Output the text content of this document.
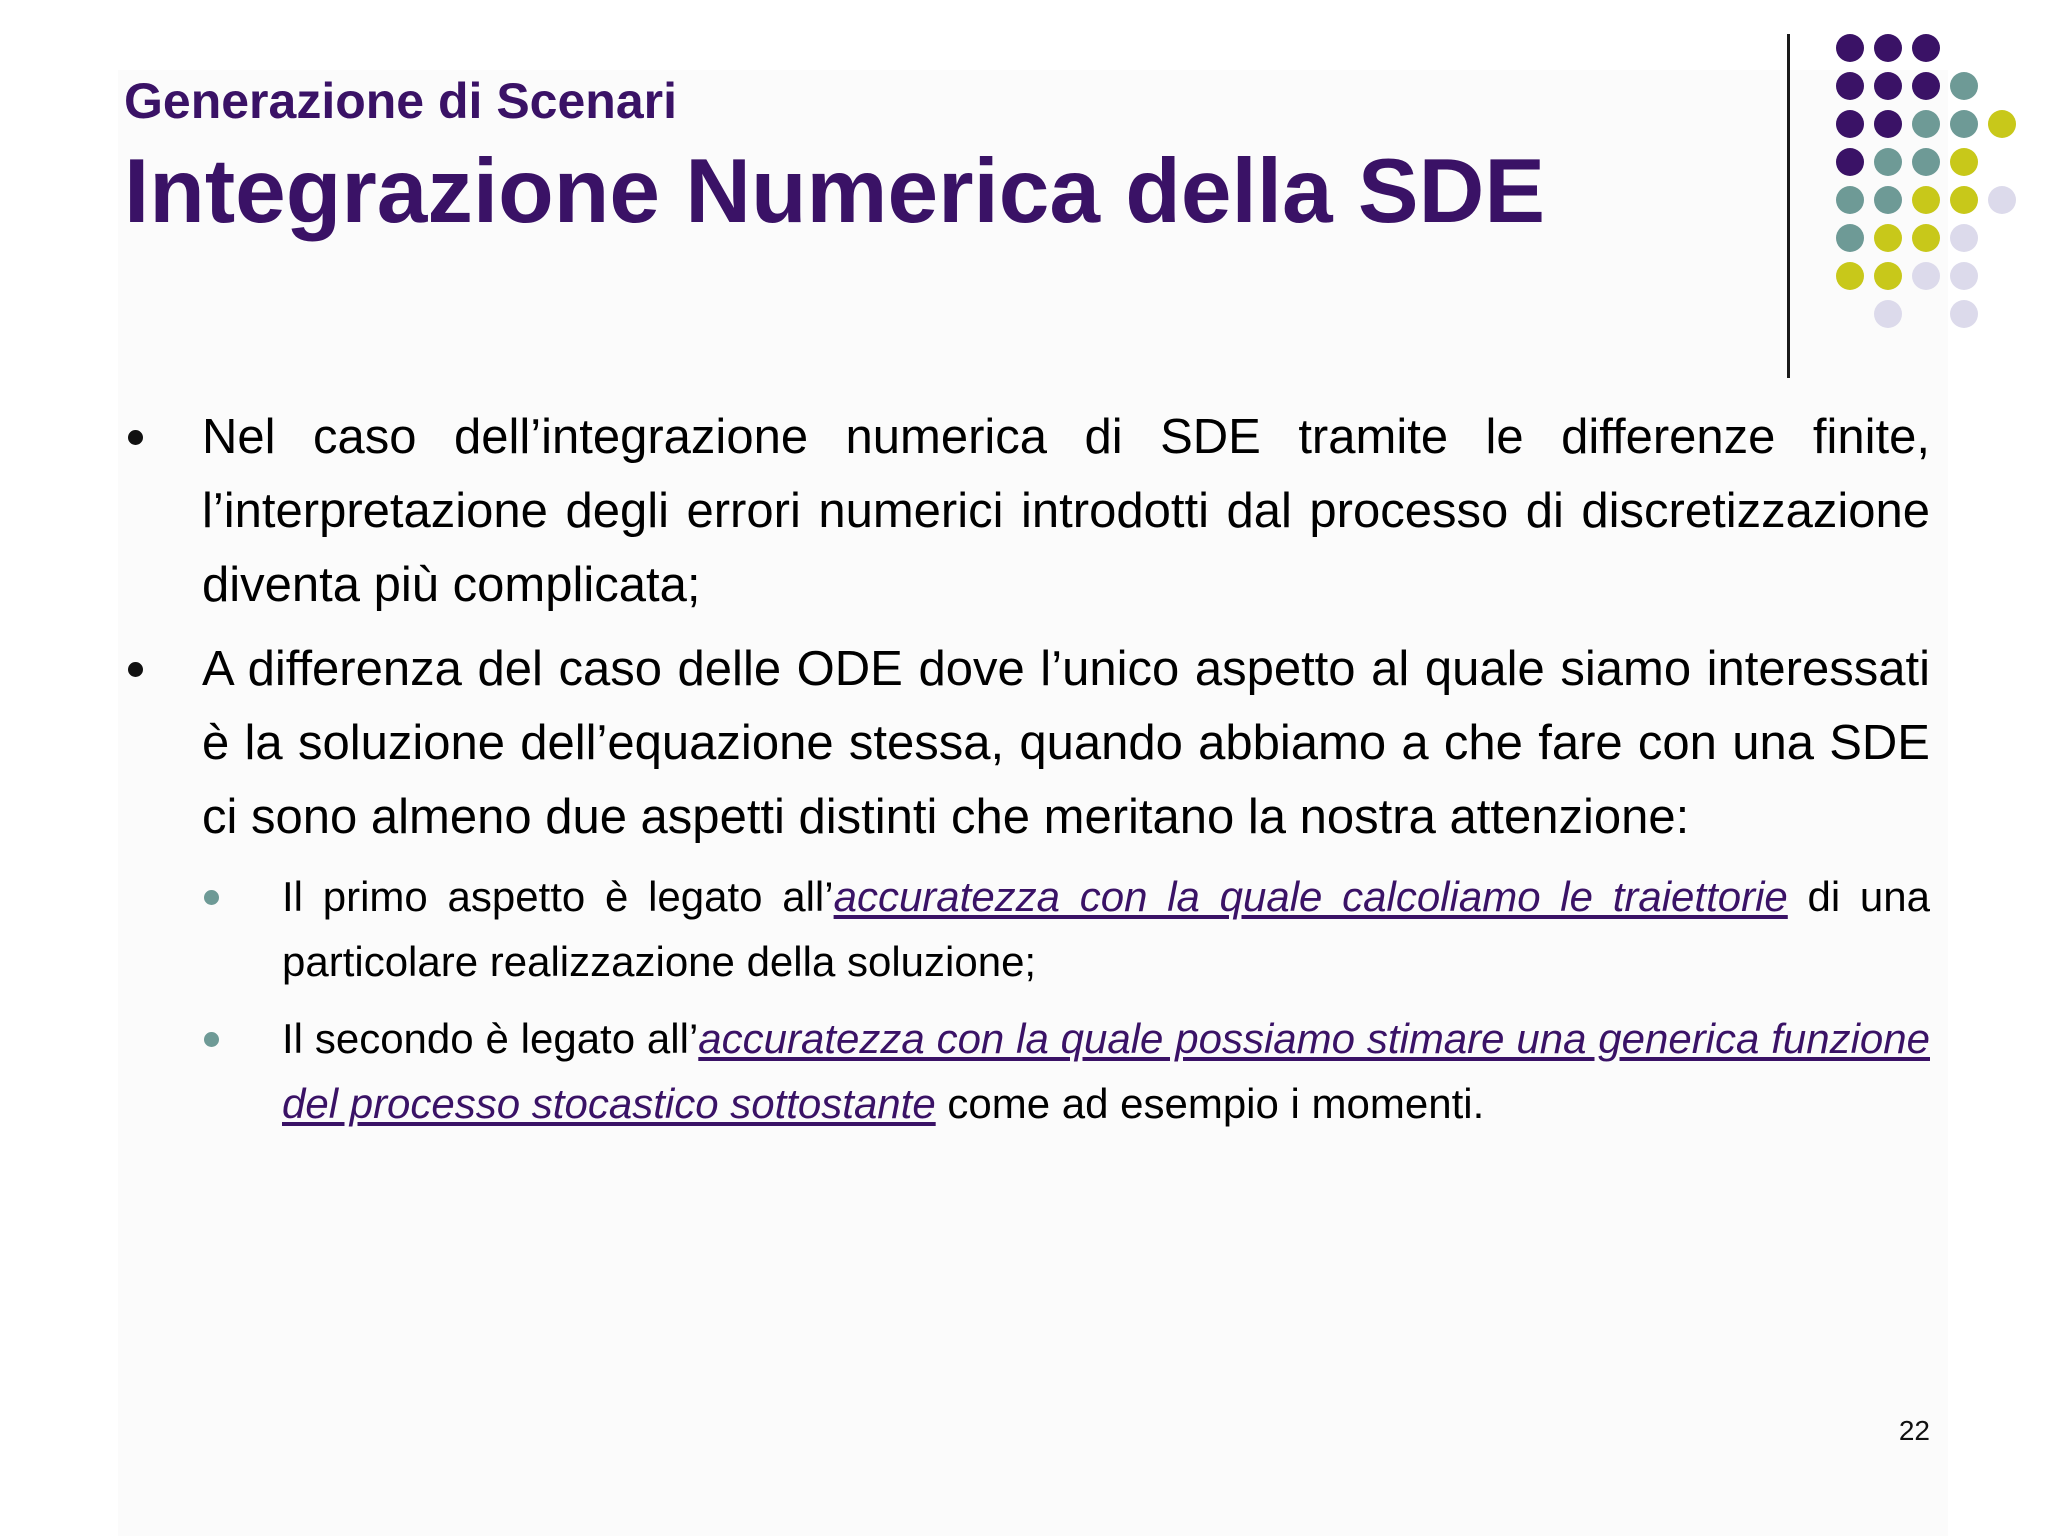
Generazione di Scenari
Integrazione Numerica della SDE
Nel caso dell’integrazione numerica di SDE tramite le differenze finite, l’interpretazione degli errori numerici introdotti dal processo di discretizzazione diventa più complicata;
A differenza del caso delle ODE dove l’unico aspetto al quale siamo interessati è la soluzione dell’equazione stessa, quando abbiamo a che fare con una SDE ci sono almeno due aspetti distinti che meritano la nostra attenzione:
Il primo aspetto è legato all’accuratezza con la quale calcoliamo le traiettorie di una particolare realizzazione della soluzione;
Il secondo è legato all’accuratezza con la quale possiamo stimare una generica funzione del processo stocastico sottostante come ad esempio i momenti.
22
